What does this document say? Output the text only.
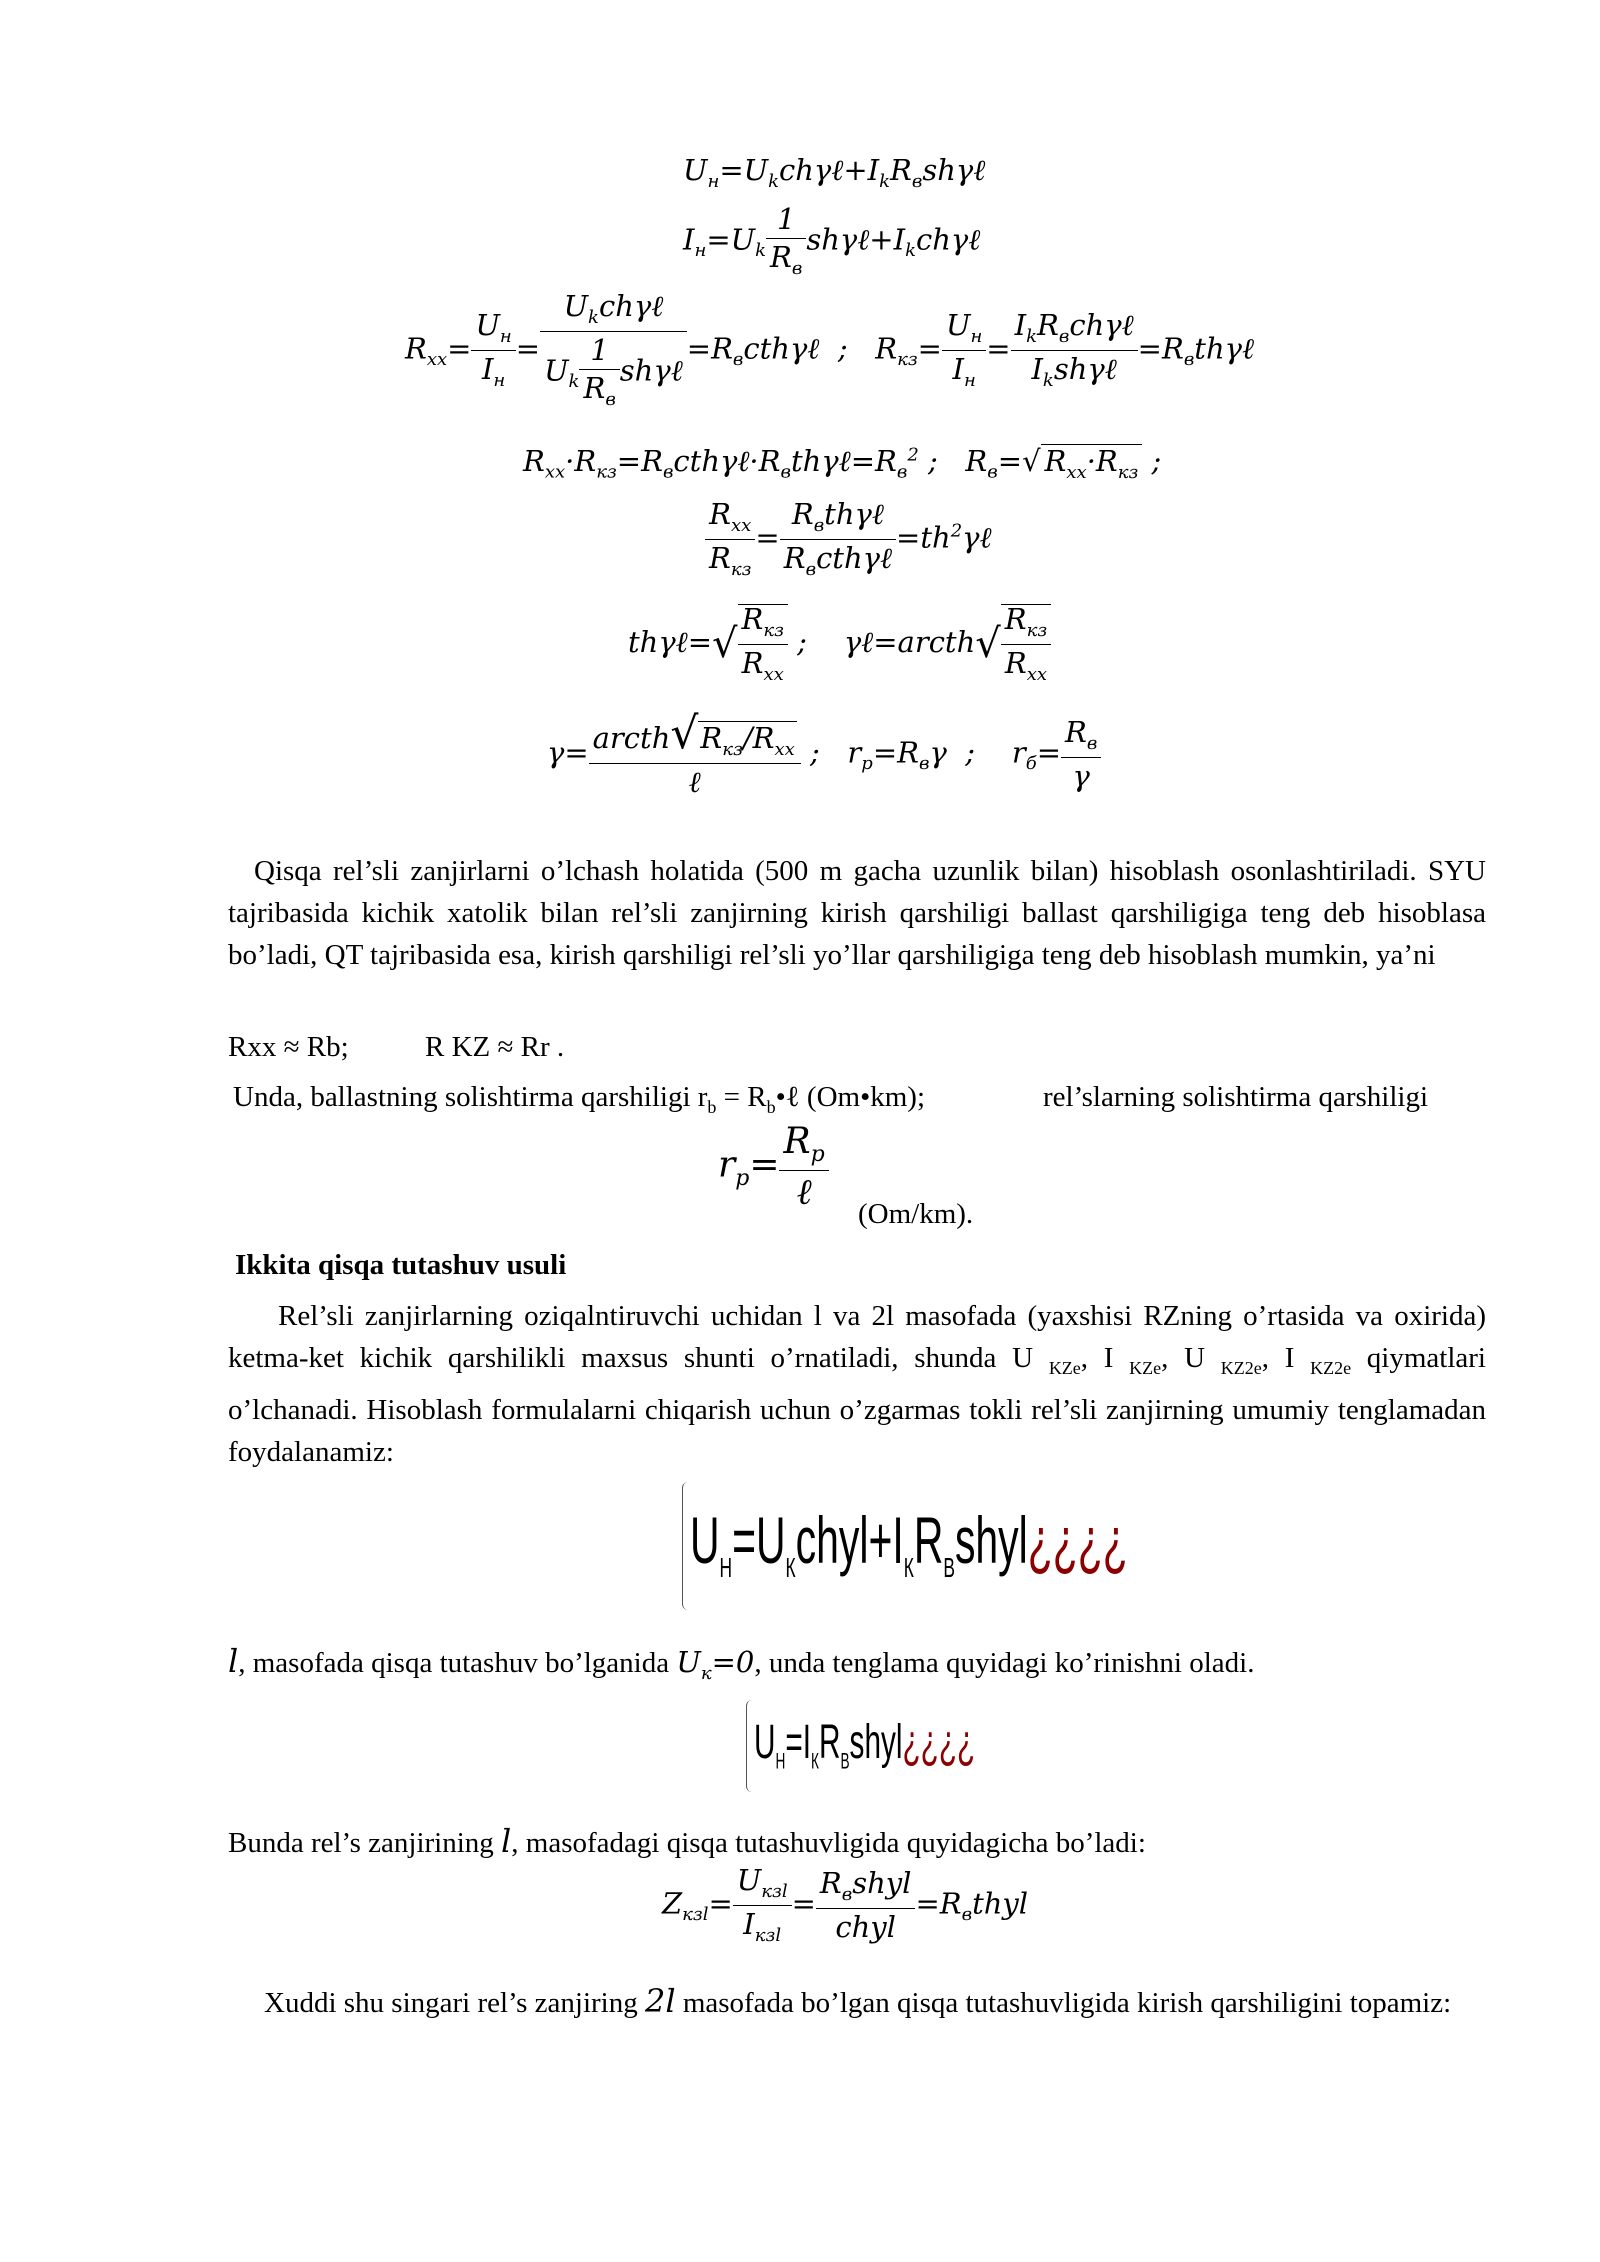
$U_н=U_kch\gamma\ell+I_kR_вsh\gamma\ell$
$I_н=U_k \frac{1}{R_в}$ $sh\gamma\ell+I_kch\gamma\ell$
$R_{xx}= \frac{U_н}{I_н} = \frac{U_kch\gamma\ell}{U_k \frac{1}{R_в} sh\gamma\ell}$ $=R_вcth\gamma\ell$  ;   $R_{кз}= \frac{U_н}{I_н} = \frac{I_kR_вch\gamma\ell}{I_ksh\gamma\ell}$ $=R_вth\gamma\ell$
$R_{xx}\cdot R_{кз}=R_вcth\gamma\ell\cdot R_вth\gamma\ell=R_в^2$ ;   $R_в=√$ $R_{xx}\cdot R_{кз}$ ;
$\frac{R_{xx}}{R_{кз}} = \frac{R_вth\gamma\ell}{R_вcth\gamma\ell}$ $=th^2\gamma\ell$
thγℓ=√ $\frac{R_{кз}}{R_{xx}}$ ;    γℓ=arcth√ $\frac{R_{кз}}{R_{xx}}$
$\gamma= \frac{arcth√R_{кз}/R_{xx}}{\text{ℓ}}$ ;   $r_р=R_в\gamma$  ;    $r_б= \frac{R_в}{\gamma}$
Qisqa rel’sli zanjirlarni o’lchash holatida (500 m gacha uzunlik bilan) hisoblash osonlashtiriladi. SYU tajribasida kichik xatolik bilan rel’sli zanjirning kirish qarshiligi ballast qarshiligiga teng deb hisoblasa bo’ladi, QT tajribasida esa, kirish qarshiligi rel’sli yo’llar qarshiligiga teng deb hisoblash mumkin, ya’ni
Rxx ≈ Rb;	R KZ ≈ Rr .
Unda, ballastning solishtirma qarshiligi $r_b$ = $R_b•\ell$ (Om•km);	rel’slarning solishtirma qarshiligi
$r_р= \frac{R_р}{\text{ℓ}}$
(Om/km).
Ikkita qisqa tutashuv usuli
Rel’sli zanjirlarning oziqalntiruvchi uchidan l va 2l masofada (yaxshisi RZning o’rtasida va oxirida) ketma-ket kichik qarshilikli maxsus shunti o’rnatiladi, shunda U $_{KZe}$, I $_{KZe}$, U $_{KZ2e}$, I $_{KZ2e}$ qiymatlari o’lchanadi. Hisoblash formulalarni chiqarish uchun o’zgarmas tokli rel’sli zanjirning umumiy tenglamadan foydalanamiz:
$U_Н=U_Кchyl+I_КR_Вshyl¿¿¿¿$
l, masofada qisqa tutashuv bo’lganida $U_к=0$, unda tenglama quyidagi ko’rinishni oladi.
$U_Н=I_КR_Вshyl¿¿¿¿$
Bunda rel’s zanjirining l, masofadagi qisqa tutashuvligida quyidagicha bo’ladi:
$Z_{кзl}= \frac{U_{кзl}}{I_{кзl}} = \frac{R_вshyl}{\text{chyl}}$ $=R_вthyl$
Xuddi shu singari rel’s zanjiring 2l masofada bo’lgan qisqa tutashuvligida kirish qarshiligini topamiz:
